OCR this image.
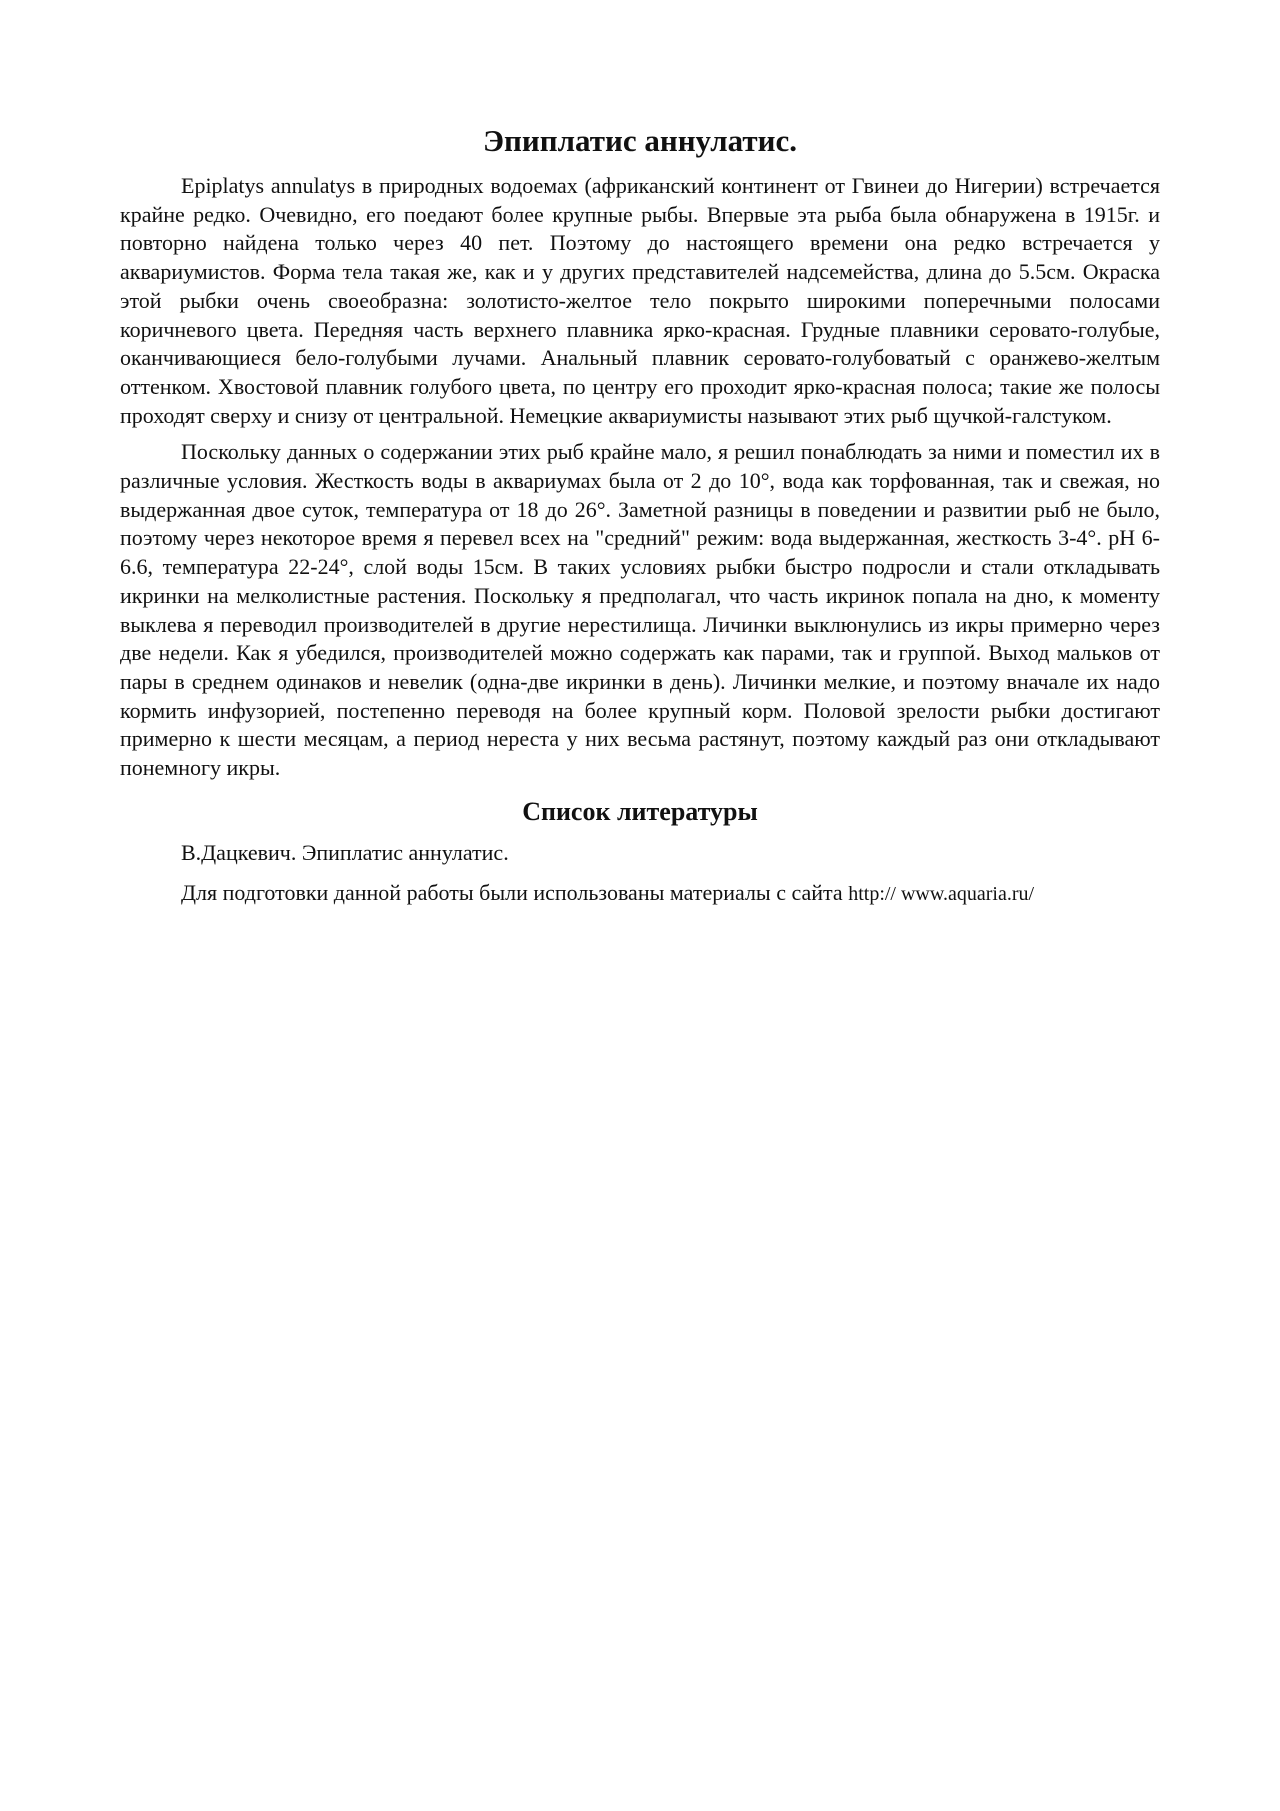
Эпиплатис аннулатис.

Epiplatys annulatys в природных водоемах (африканский континент от Гвинеи до Нигерии) встречается крайне редко. Очевидно, его поедают более крупные рыбы. Впервые эта рыба была обнаружена в 1915г. и повторно найдена только через 40 пет. Поэтому до настоящего времени она редко встречается у аквариумистов. Форма тела такая же, как и у других представителей надсемейства, длина до 5.5см. Окраска этой рыбки очень своеобразна: золотисто-желтое тело покрыто широкими поперечными полосами коричневого цвета. Передняя часть верхнего плавника ярко-красная. Грудные плавники серовато-голубые, оканчивающиеся бело-голубыми лучами. Анальный плавник серовато-голубоватый с оранжево-желтым оттенком. Хвостовой плавник голубого цвета, по центру его проходит ярко-красная полоса; такие же полосы проходят сверху и снизу от центральной. Немецкие аквариумисты называют этих рыб щучкой-галстуком.

Поскольку данных о содержании этих рыб крайне мало, я решил понаблюдать за ними и поместил их в различные условия. Жесткость воды в аквариумах была от 2 до 10°, вода как торфованная, так и свежая, но выдержанная двое суток, температура от 18 до 26°. Заметной разницы в поведении и развитии рыб не было, поэтому через некоторое время я перевел всех на "средний" режим: вода выдержанная, жесткость 3-4°. pH 6-6.6, температура 22-24°, слой воды 15см. В таких условиях рыбки быстро подросли и стали откладывать икринки на мелколистные растения. Поскольку я предполагал, что часть икринок попала на дно, к моменту выклева я переводил производителей в другие нерестилища. Личинки выклюнулись из икры примерно через две недели. Как я убедился, производителей можно содержать как парами, так и группой. Выход мальков от пары в среднем одинаков и невелик (одна-две икринки в день). Личинки мелкие, и поэтому вначале их надо кормить инфузорией, постепенно переводя на более крупный корм. Половой зрелости рыбки достигают примерно к шести месяцам, а период нереста у них весьма растянут, поэтому каждый раз они откладывают понемногу икры.

Список литературы

В.Дацкевич. Эпиплатис аннулатис.

Для подготовки данной работы были использованы материалы с сайта http:// www.aquaria.ru/
